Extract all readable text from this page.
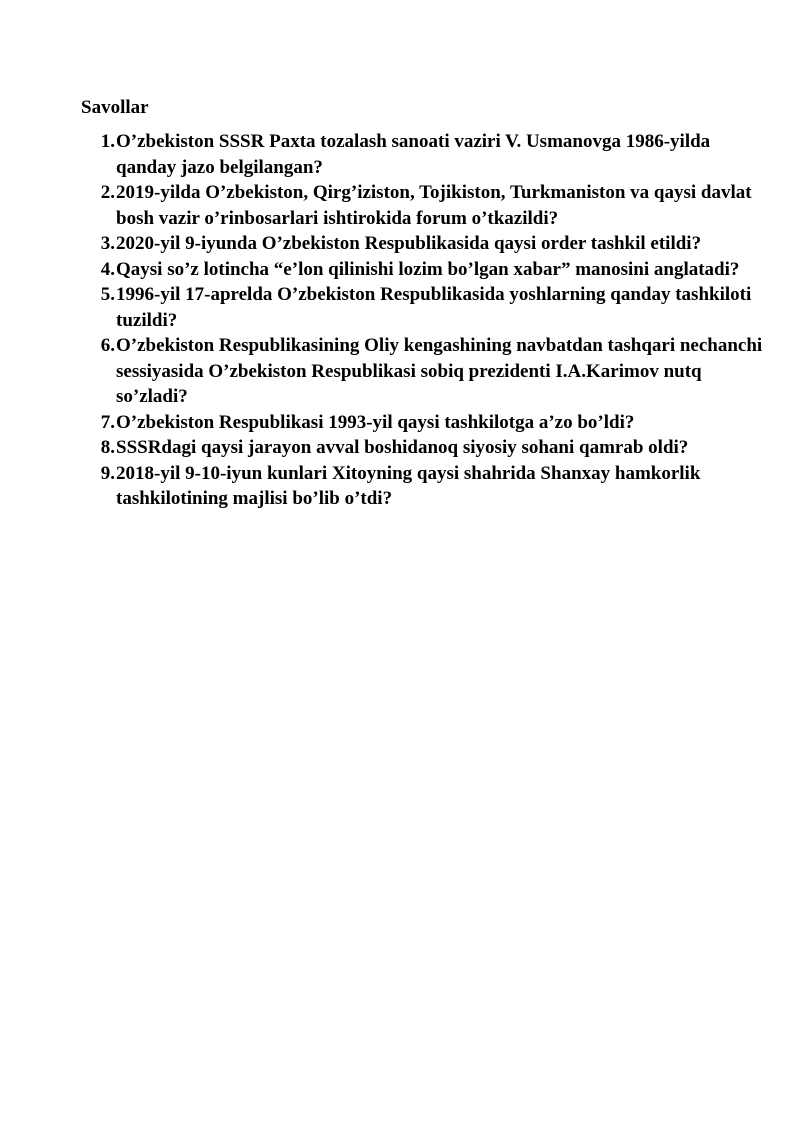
Savollar
1. O’zbekiston SSSR Paxta tozalash sanoati vaziri V. Usmanovga 1986-yilda qanday jazo belgilangan?
2. 2019-yilda O’zbekiston, Qirg’iziston, Tojikiston, Turkmaniston va qaysi davlat bosh vazir o’rinbosarlari ishtirokida forum o’tkazildi?
3. 2020-yil 9-iyunda O’zbekiston Respublikasida qaysi order tashkil etildi?
4. Qaysi so’z lotincha “e’lon qilinishi lozim bo’lgan xabar” manosini anglatadi?
5. 1996-yil 17-aprelda O’zbekiston Respublikasida yoshlarning qanday tashkiloti tuzildi?
6. O’zbekiston Respublikasining Oliy kengashining navbatdan tashqari nechanchi sessiyasida O’zbekiston Respublikasi sobiq prezidenti I.A.Karimov nutq so’zladi?
7. O’zbekiston Respublikasi 1993-yil qaysi tashkilotga a’zo bo’ldi?
8. SSSRdagi qaysi jarayon avval boshidanoq siyosiy sohani qamrab oldi?
9. 2018-yil 9-10-iyun kunlari Xitoyning qaysi shahrida Shanxay hamkorlik tashkilotining majlisi bo’lib o’tdi?
